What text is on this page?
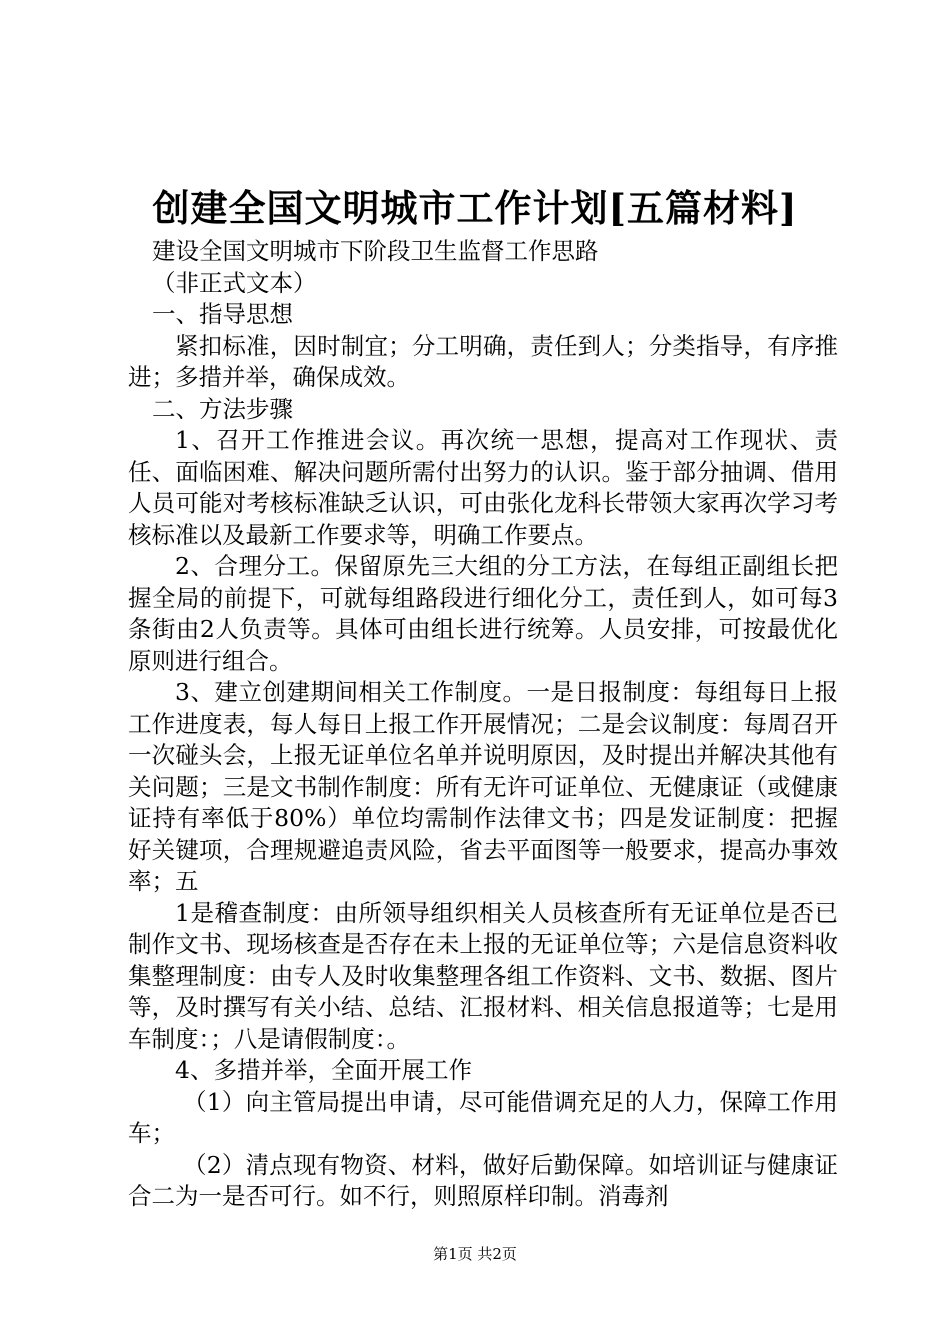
创建全国文明城市工作计划[五篇材料]

建设全国文明城市下阶段卫生监督工作思路

（非正式文本）

一、指导思想

紧扣标准，因时制宜；分工明确，责任到人；分类指导，有序推进；多措并举，确保成效。

二、方法步骤

1、召开工作推进会议。再次统一思想，提高对工作现状、责任、面临困难、解决问题所需付出努力的认识。鉴于部分抽调、借用人员可能对考核标准缺乏认识，可由张化龙科长带领大家再次学习考核标准以及最新工作要求等，明确工作要点。

2、合理分工。保留原先三大组的分工方法，在每组正副组长把握全局的前提下，可就每组路段进行细化分工，责任到人，如可每3条街由2人负责等。具体可由组长进行统筹。人员安排，可按最优化原则进行组合。

3、建立创建期间相关工作制度。一是日报制度：每组每日上报工作进度表，每人每日上报工作开展情况；二是会议制度：每周召开一次碰头会，上报无证单位名单并说明原因，及时提出并解决其他有关问题；三是文书制作制度：所有无许可证单位、无健康证（或健康证持有率低于80%）单位均需制作法律文书；四是发证制度：把握好关键项，合理规避追责风险，省去平面图等一般要求，提高办事效率；五

1是稽查制度：由所领导组织相关人员核查所有无证单位是否已制作文书、现场核查是否存在未上报的无证单位等；六是信息资料收集整理制度：由专人及时收集整理各组工作资料、文书、数据、图片等，及时撰写有关小结、总结、汇报材料、相关信息报道等；七是用车制度：；八是请假制度：。

4、多措并举，全面开展工作

（1）向主管局提出申请，尽可能借调充足的人力，保障工作用车；

（2）清点现有物资、材料，做好后勤保障。如培训证与健康证合二为一是否可行。如不行，则照原样印制。消毒剂

第1页 共2页
